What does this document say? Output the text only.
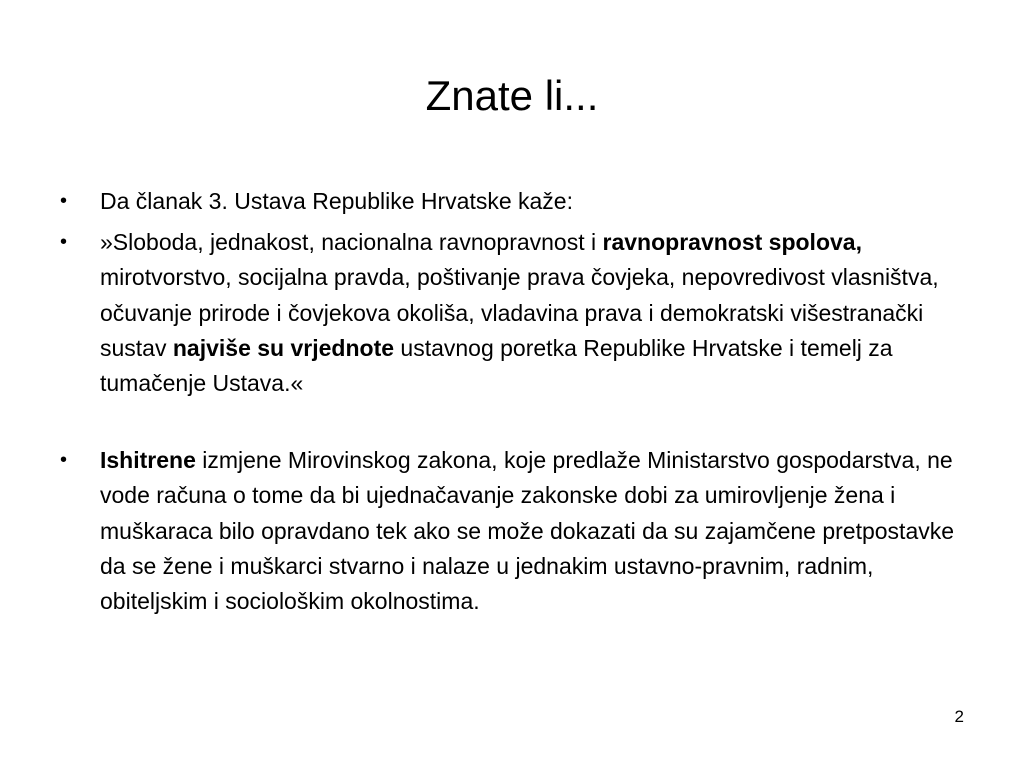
Znate li...
• Da članak 3. Ustava Republike Hrvatske kaže:
• »Sloboda, jednakost, nacionalna ravnopravnost i ravnopravnost spolova, mirotvorstvo, socijalna pravda, poštivanje prava čovjeka, nepovredivost vlasništva, očuvanje prirode i čovjekova okoliša, vladavina prava i demokratski višestranački sustav najviše su vrjednote ustavnog poretka Republike Hrvatske i temelj za tumačenje Ustava.«
• Ishitrene izmjene Mirovinskog zakona, koje predlaže Ministarstvo gospodarstva, ne vode računa o tome da bi ujednačavanje zakonske dobi za umirovljenje žena i muškaraca bilo opravdano tek ako se može dokazati da su zajamčene pretpostavke da se žene i muškarci stvarno i nalaze u jednakim ustavno-pravnim, radnim, obiteljskim i sociološkim okolnostima.
2
